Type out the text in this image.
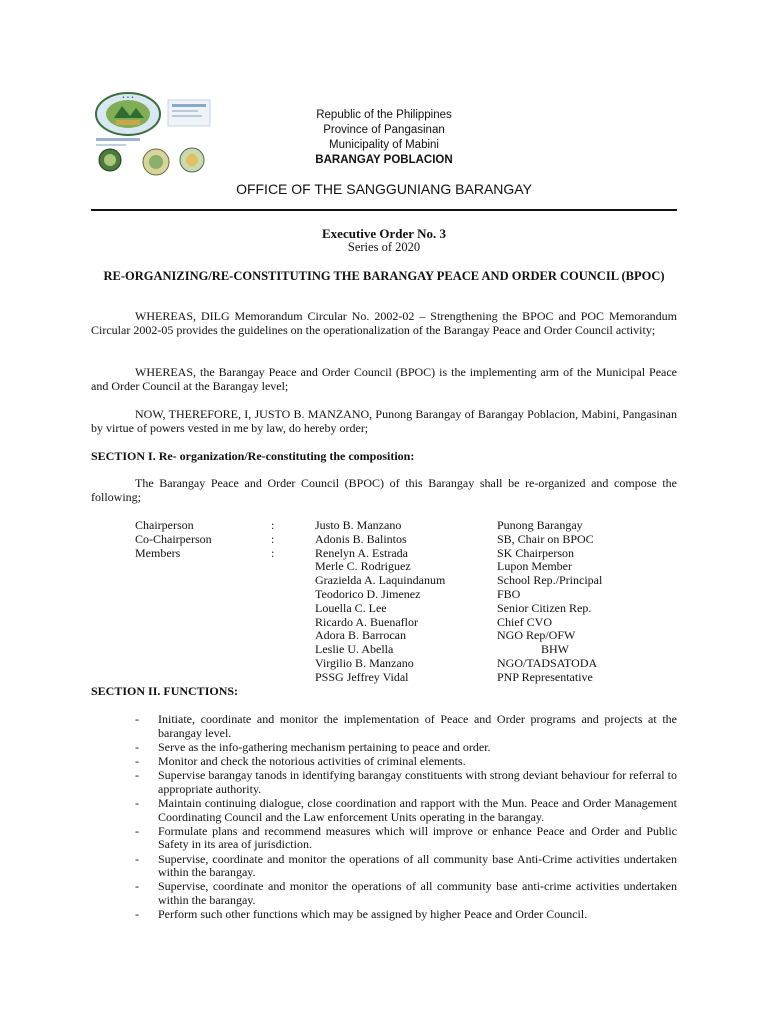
• • •
Republic of the Philippines
Province of Pangasinan
Municipality of Mabini
BARANGAY POBLACION
OFFICE OF THE SANGGUNIANG BARANGAY
Executive Order No. 3
Series of 2020
RE-ORGANIZING/RE-CONSTITUTING THE BARANGAY PEACE AND ORDER COUNCIL (BPOC)
WHEREAS, DILG Memorandum Circular No. 2002-02 – Strengthening the BPOC and POC Memorandum Circular 2002-05 provides the guidelines on the operationalization of the Barangay Peace and Order Council activity;
WHEREAS, the Barangay Peace and Order Council (BPOC) is the implementing arm of the Municipal Peace and Order Council at the Barangay level;
NOW, THEREFORE, I, JUSTO B. MANZANO, Punong Barangay of Barangay Poblacion, Mabini, Pangasinan by virtue of powers vested in me by law, do hereby order;
SECTION I. Re- organization/Re-constituting the composition:
The Barangay Peace and Order Council (BPOC) of this Barangay shall be re-organized and compose the following;
Chairperson	:	Justo B. Manzano	Punong Barangay
Co-Chairperson	:	Adonis B. Balintos	SB, Chair on BPOC
Members	:	Renelyn A. Estrada	SK Chairperson
Merle C. Rodriguez	Lupon Member
Grazielda A. Laquindanum	School Rep./Principal
Teodorico D. Jimenez	FBO
Louella C. Lee	Senior Citizen Rep.
Ricardo A. Buenaflor	Chief CVO
Adora B. Barrocan	NGO Rep/OFW
Leslie U. Abella	BHW
Virgilio B. Manzano	NGO/TADSATODA
PSSG Jeffrey Vidal	PNP Representative
SECTION II. FUNCTIONS:
- Initiate, coordinate and monitor the implementation of Peace and Order programs and projects at the barangay level.
- Serve as the info-gathering mechanism pertaining to peace and order.
- Monitor and check the notorious activities of criminal elements.
- Supervise barangay tanods in identifying barangay constituents with strong deviant behaviour for referral to appropriate authority.
- Maintain continuing dialogue, close coordination and rapport with the Mun. Peace and Order Management Coordinating Council and the Law enforcement Units operating in the barangay.
- Formulate plans and recommend measures which will improve or enhance Peace and Order and Public Safety in its area of jurisdiction.
- Supervise, coordinate and monitor the operations of all community base Anti-Crime activities undertaken within the barangay.
- Supervise, coordinate and monitor the operations of all community base anti-crime activities undertaken within the barangay.
- Perform such other functions which may be assigned by higher Peace and Order Council.
